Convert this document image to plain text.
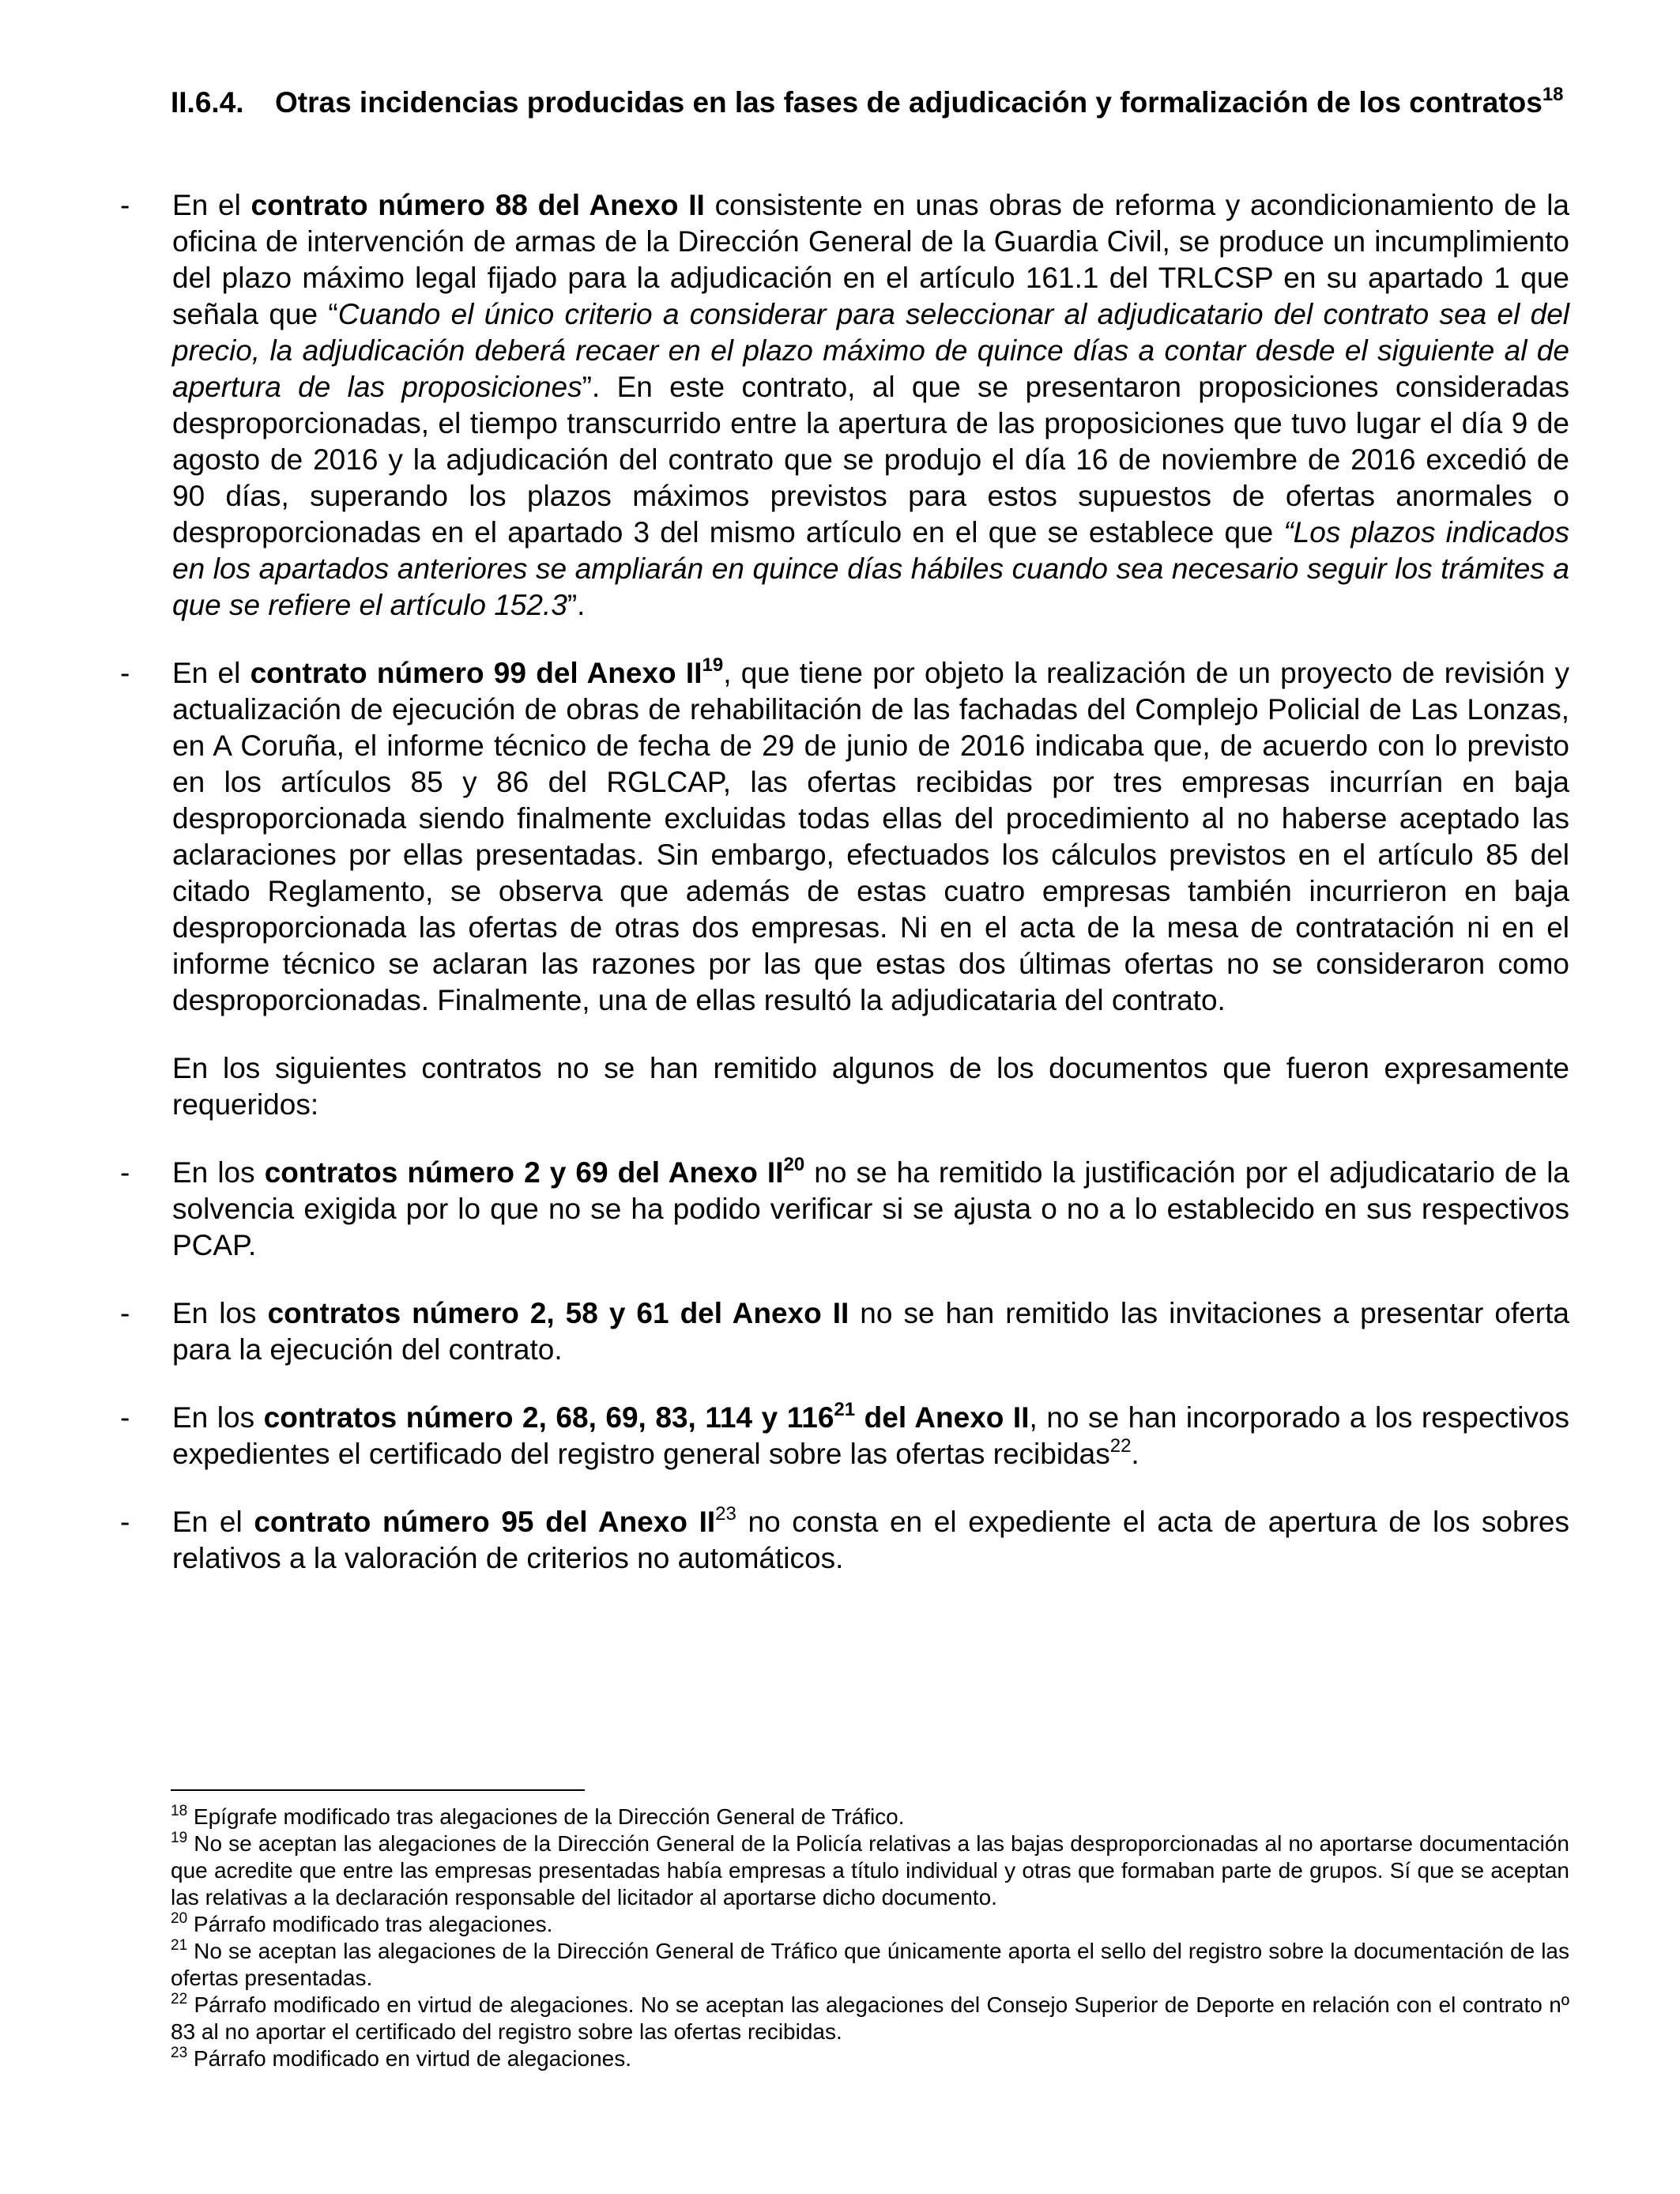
II.6.4. Otras incidencias producidas en las fases de adjudicación y formalización de los contratos$^{18}$
- En el contrato número 88 del Anexo II consistente en unas obras de reforma y acondicionamiento de la oficina de intervención de armas de la Dirección General de la Guardia Civil, se produce un incumplimiento del plazo máximo legal fijado para la adjudicación en el artículo 161.1 del TRLCSP en su apartado 1 que señala que “Cuando el único criterio a considerar para seleccionar al adjudicatario del contrato sea el del precio, la adjudicación deberá recaer en el plazo máximo de quince días a contar desde el siguiente al de apertura de las proposiciones”. En este contrato, al que se presentaron proposiciones consideradas desproporcionadas, el tiempo transcurrido entre la apertura de las proposiciones que tuvo lugar el día 9 de agosto de 2016 y la adjudicación del contrato que se produjo el día 16 de noviembre de 2016 excedió de 90 días, superando los plazos máximos previstos para estos supuestos de ofertas anormales o desproporcionadas en el apartado 3 del mismo artículo en el que se establece que “Los plazos indicados en los apartados anteriores se ampliarán en quince días hábiles cuando sea necesario seguir los trámites a que se refiere el artículo 152.3”.
- En el contrato número 99 del Anexo II$^{19}$, que tiene por objeto la realización de un proyecto de revisión y actualización de ejecución de obras de rehabilitación de las fachadas del Complejo Policial de Las Lonzas, en A Coruña, el informe técnico de fecha de 29 de junio de 2016 indicaba que, de acuerdo con lo previsto en los artículos 85 y 86 del RGLCAP, las ofertas recibidas por tres empresas incurrían en baja desproporcionada siendo finalmente excluidas todas ellas del procedimiento al no haberse aceptado las aclaraciones por ellas presentadas. Sin embargo, efectuados los cálculos previstos en el artículo 85 del citado Reglamento, se observa que además de estas cuatro empresas también incurrieron en baja desproporcionada las ofertas de otras dos empresas. Ni en el acta de la mesa de contratación ni en el informe técnico se aclaran las razones por las que estas dos últimas ofertas no se consideraron como desproporcionadas. Finalmente, una de ellas resultó la adjudicataria del contrato.
En los siguientes contratos no se han remitido algunos de los documentos que fueron expresamente requeridos:
- En los contratos número 2 y 69 del Anexo II$^{20}$ no se ha remitido la justificación por el adjudicatario de la solvencia exigida por lo que no se ha podido verificar si se ajusta o no a lo establecido en sus respectivos PCAP.
- En los contratos número 2, 58 y 61 del Anexo II no se han remitido las invitaciones a presentar oferta para la ejecución del contrato.
- En los contratos número 2, 68, 69, 83, 114 y $116^{21}$ del Anexo II, no se han incorporado a los respectivos expedientes el certificado del registro general sobre las ofertas recibidas$^{22}$.
- En el contrato número 95 del Anexo II$^{23}$ no consta en el expediente el acta de apertura de los sobres relativos a la valoración de criterios no automáticos.
$^{18}$ Epígrafe modificado tras alegaciones de la Dirección General de Tráfico.
$^{19}$ No se aceptan las alegaciones de la Dirección General de la Policía relativas a las bajas desproporcionadas al no aportarse documentación que acredite que entre las empresas presentadas había empresas a título individual y otras que formaban parte de grupos. Sí que se aceptan las relativas a la declaración responsable del licitador al aportarse dicho documento.
$^{20}$ Párrafo modificado tras alegaciones.
$^{21}$ No se aceptan las alegaciones de la Dirección General de Tráfico que únicamente aporta el sello del registro sobre la documentación de las ofertas presentadas.
$^{22}$ Párrafo modificado en virtud de alegaciones. No se aceptan las alegaciones del Consejo Superior de Deporte en relación con el contrato nº 83 al no aportar el certificado del registro sobre las ofertas recibidas.
$^{23}$ Párrafo modificado en virtud de alegaciones.
